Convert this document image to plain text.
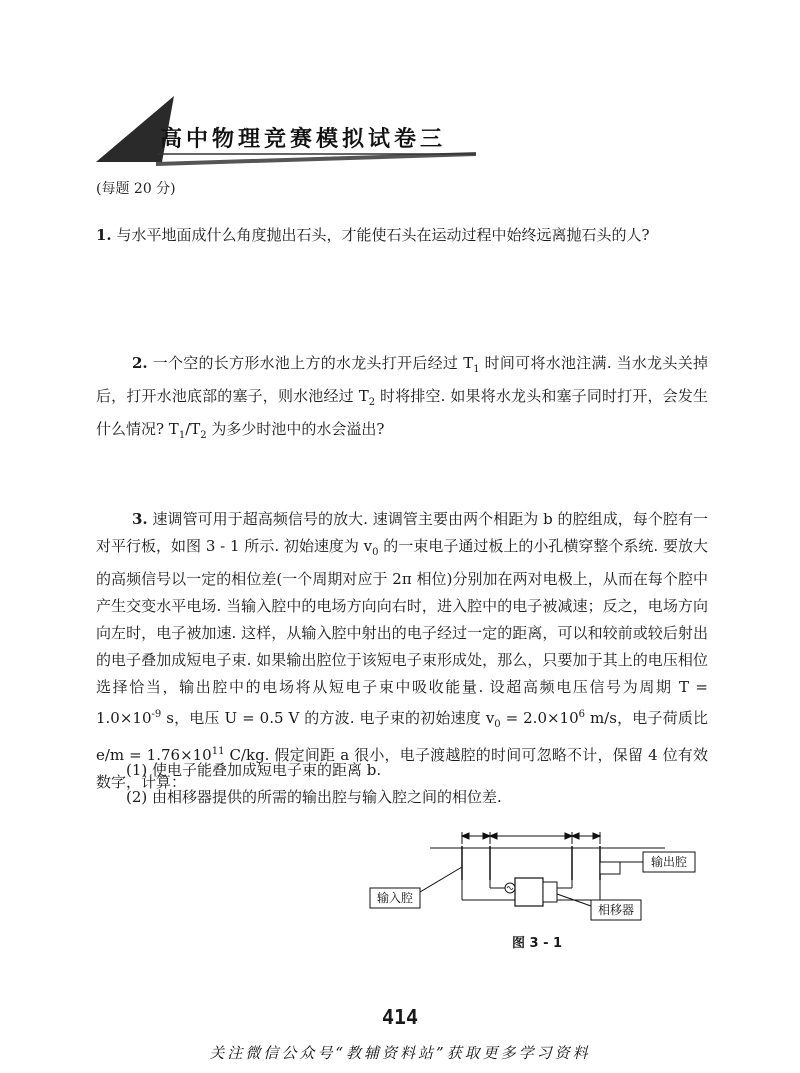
高中物理竞赛模拟试卷三
(每题 20 分)
1. 与水平地面成什么角度抛出石头，才能使石头在运动过程中始终远离抛石头的人?
2. 一个空的长方形水池上方的水龙头打开后经过 $T_1$ 时间可将水池注满. 当水龙头关掉后，打开水池底部的塞子，则水池经过 $T_2$ 时将排空. 如果将水龙头和塞子同时打开，会发生什么情况? $T_1/T_2$ 为多少时池中的水会溢出?
3. 速调管可用于超高频信号的放大. 速调管主要由两个相距为 b 的腔组成，每个腔有一对平行板，如图 3 - 1 所示. 初始速度为 $v_0$ 的一束电子通过板上的小孔横穿整个系统. 要放大的高频信号以一定的相位差(一个周期对应于 2π 相位)分别加在两对电极上，从而在每个腔中产生交变水平电场. 当输入腔中的电场方向向右时，进入腔中的电子被减速；反之，电场方向向左时，电子被加速. 这样，从输入腔中射出的电子经过一定的距离，可以和较前或较后射出的电子叠加成短电子束. 如果输出腔位于该短电子束形成处，那么，只要加于其上的电压相位选择恰当，输出腔中的电场将从短电子束中吸收能量. 设超高频电压信号为周期 $T = 1.0\times 10^{-9}$ s，电压 U = 0.5 V 的方波. 电子束的初始速度 $v_0 = 2.0\times 10^6$ m/s，电子荷质比 $e/m = 1.76\times 10^{11}$ C/kg. 假定间距 a 很小，电子渡越腔的时间可忽略不计，保留 4 位有效数字，计算：
(1) 使电子能叠加成短电子束的距离 b.
(2) 由相移器提供的所需的输出腔与输入腔之间的相位差.
输入腔
输出腔
相移器
图 3 - 1
414
关注微信公众号“教辅资料站”获取更多学习资料
